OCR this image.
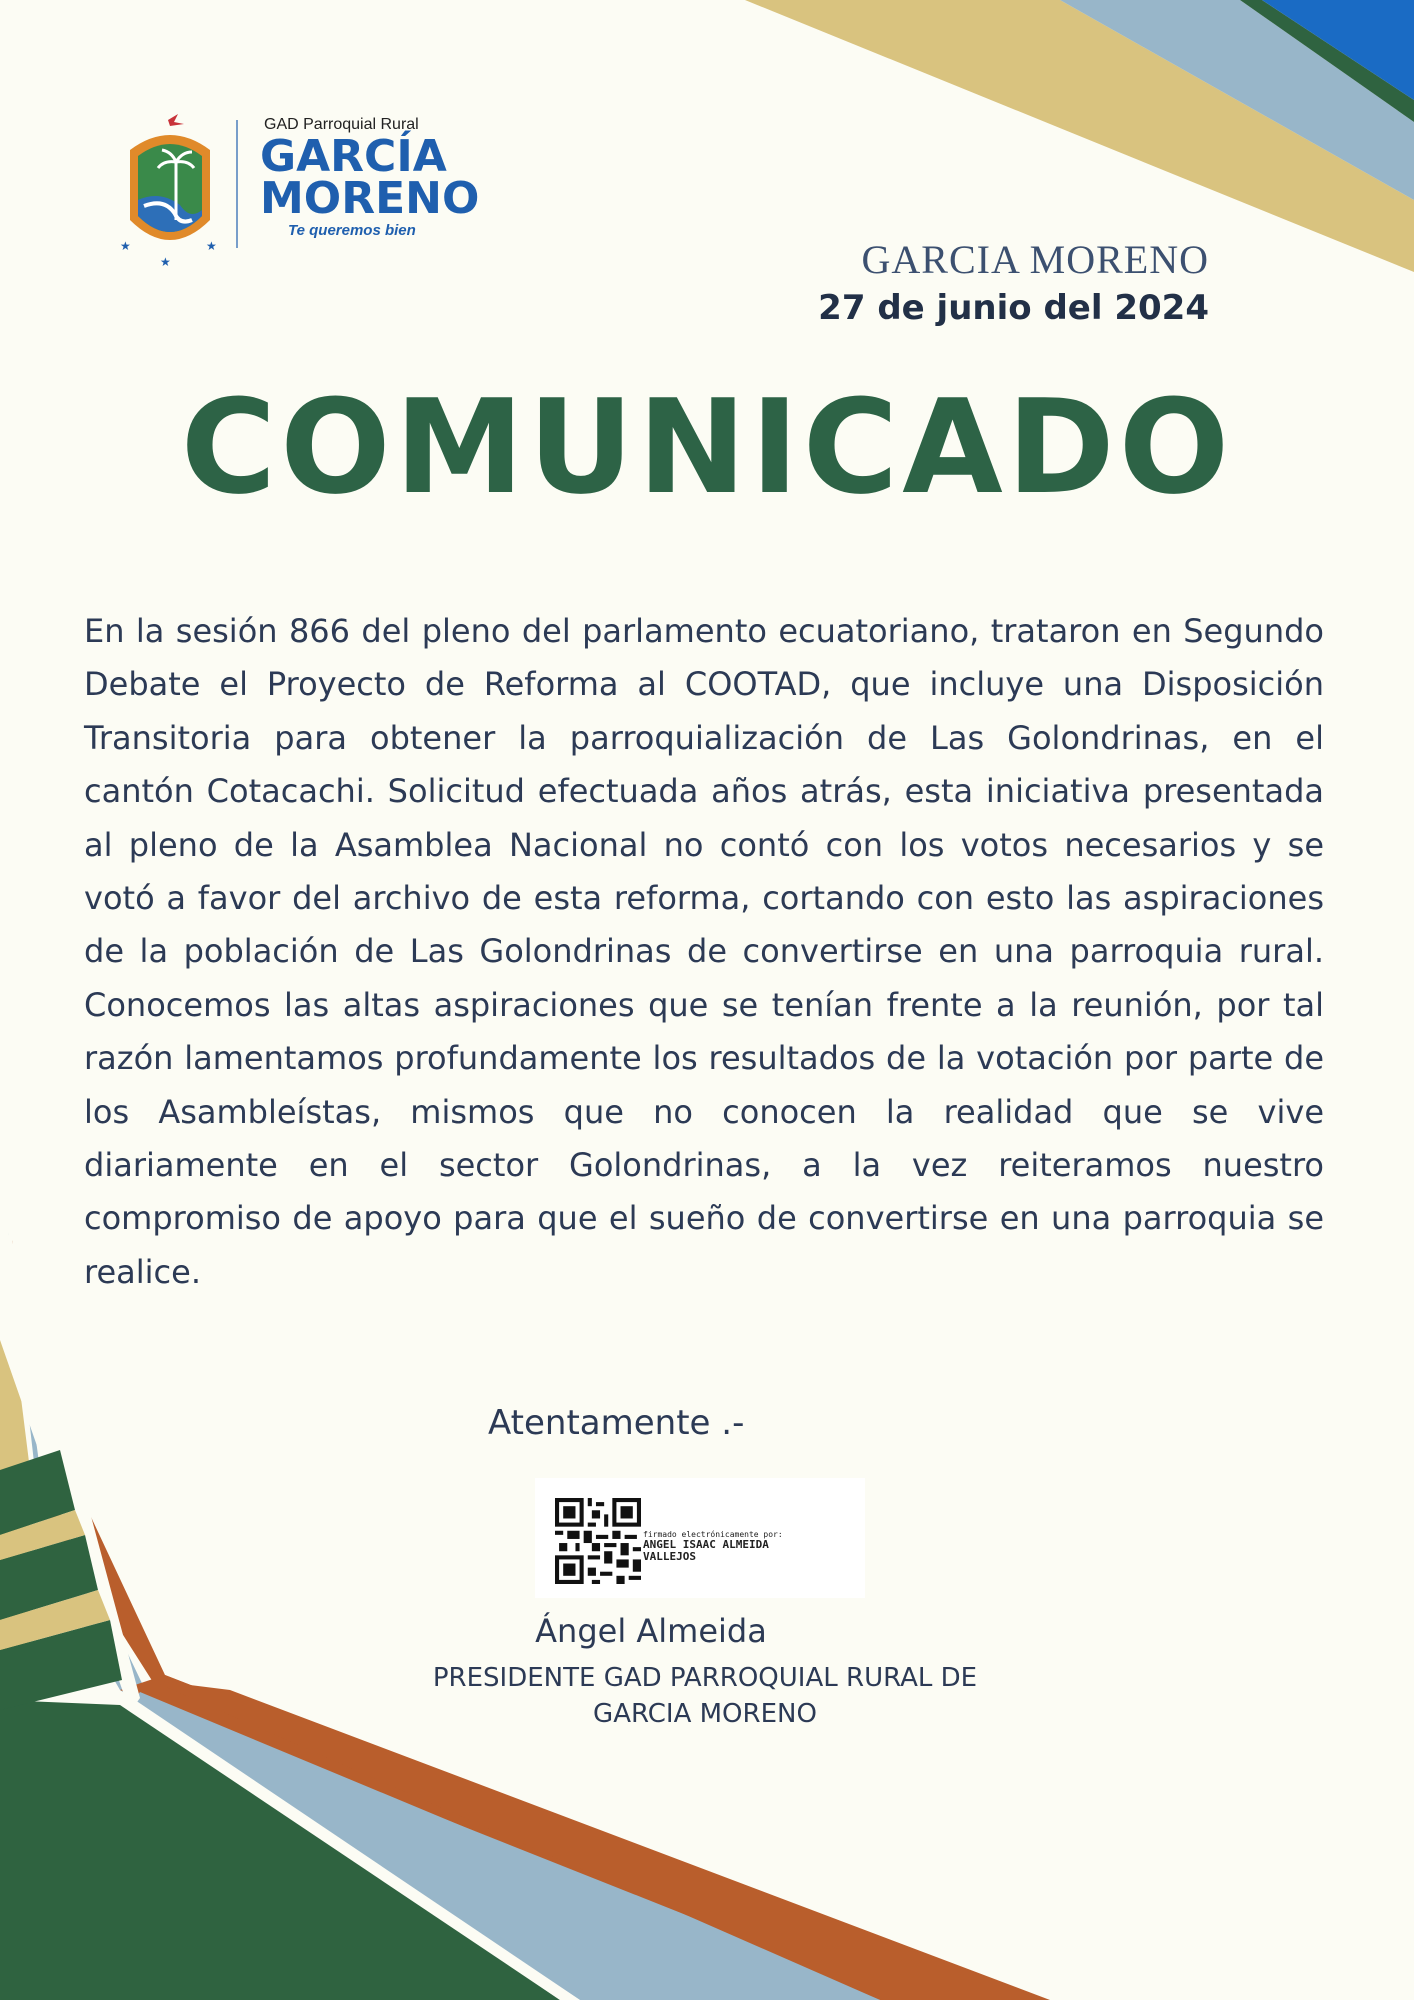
★
★
★
GAD Parroquial Rural
GARCÍA
MORENO
Te queremos bien
GARCIA MORENO
27 de junio del 2024
COMUNICADO

En la sesión 866 del pleno del parlamento ecuatoriano, trataron en Segundo Debate el Proyecto de Reforma al COOTAD, que incluye una Disposición Transitoria para obtener la parroquialización de Las Golondrinas, en el cantón Cotacachi. Solicitud efectuada años atrás, esta iniciativa presentada al pleno de la Asamblea Nacional no contó con los votos necesarios y se votó a favor del archivo de esta reforma, cortando con esto las aspiraciones de la población de Las Golondrinas de convertirse en una parroquia rural. Conocemos las altas aspiraciones que se tenían frente a la reunión, por tal razón lamentamos profundamente los resultados de la votación por parte de los Asambleístas, mismos que no conocen la realidad que se vive diariamente en el sector Golondrinas, a la vez reiteramos nuestro compromiso de apoyo para que el sueño de convertirse en una parroquia se realice.

Atentamente .-
firmado electrónicamente por:
ANGEL ISAAC ALMEIDA
VALLEJOS
Ángel Almeida
PRESIDENTE GAD PARROQUIAL RURAL DE
GARCIA MORENO
